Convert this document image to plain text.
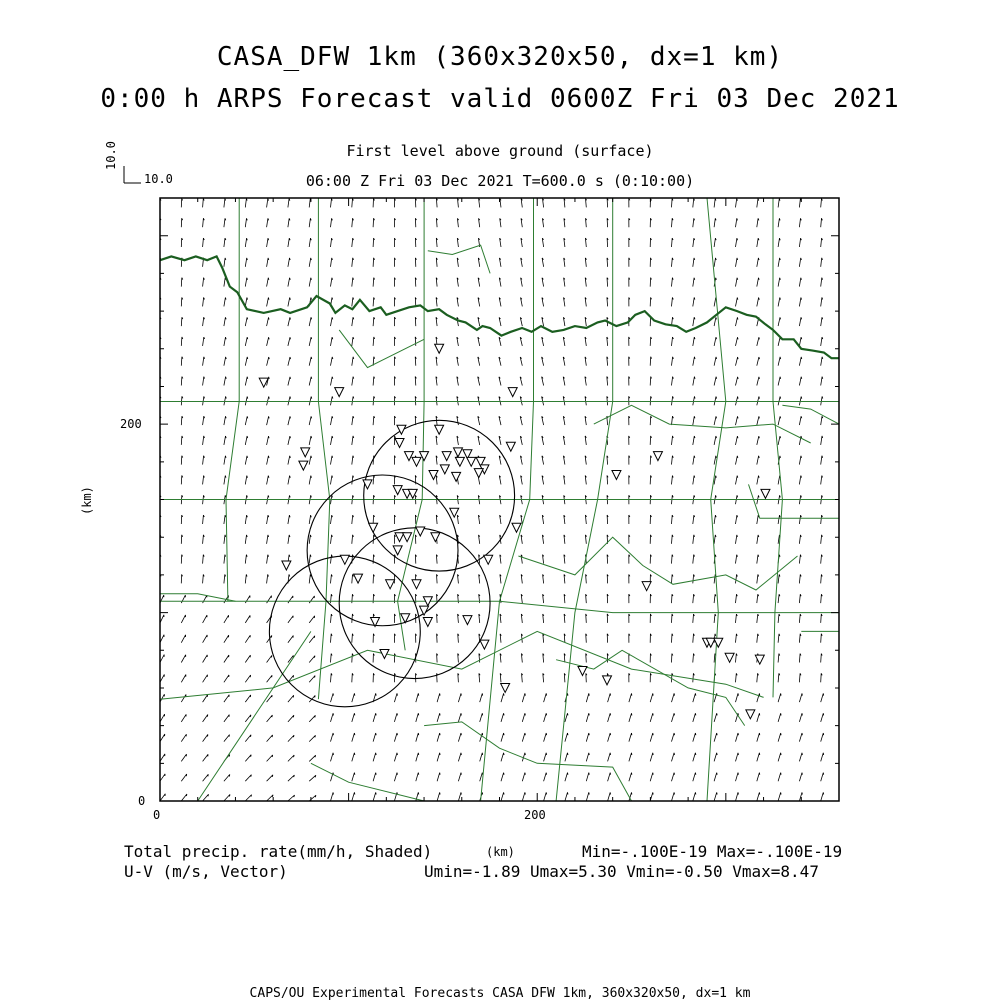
CASA_DFW 1km (360x320x50, dx=1 km)
0:00 h ARPS Forecast valid 0600Z Fri 03 Dec 2021
First level above ground (surface)
06:00 Z Fri 03 Dec 2021 T=600.0 s (0:10:00)
10.0
10.0
0	200
0
200
(km)
(km)
Total precip. rate(mm/h, Shaded)	Min=-.100E-19 Max=-.100E-19
U-V (m/s, Vector)	Umin=-1.89 Umax=5.30 Vmin=-0.50 Vmax=8.47
CAPS/OU Experimental Forecasts CASA DFW 1km, 360x320x50, dx=1 km
